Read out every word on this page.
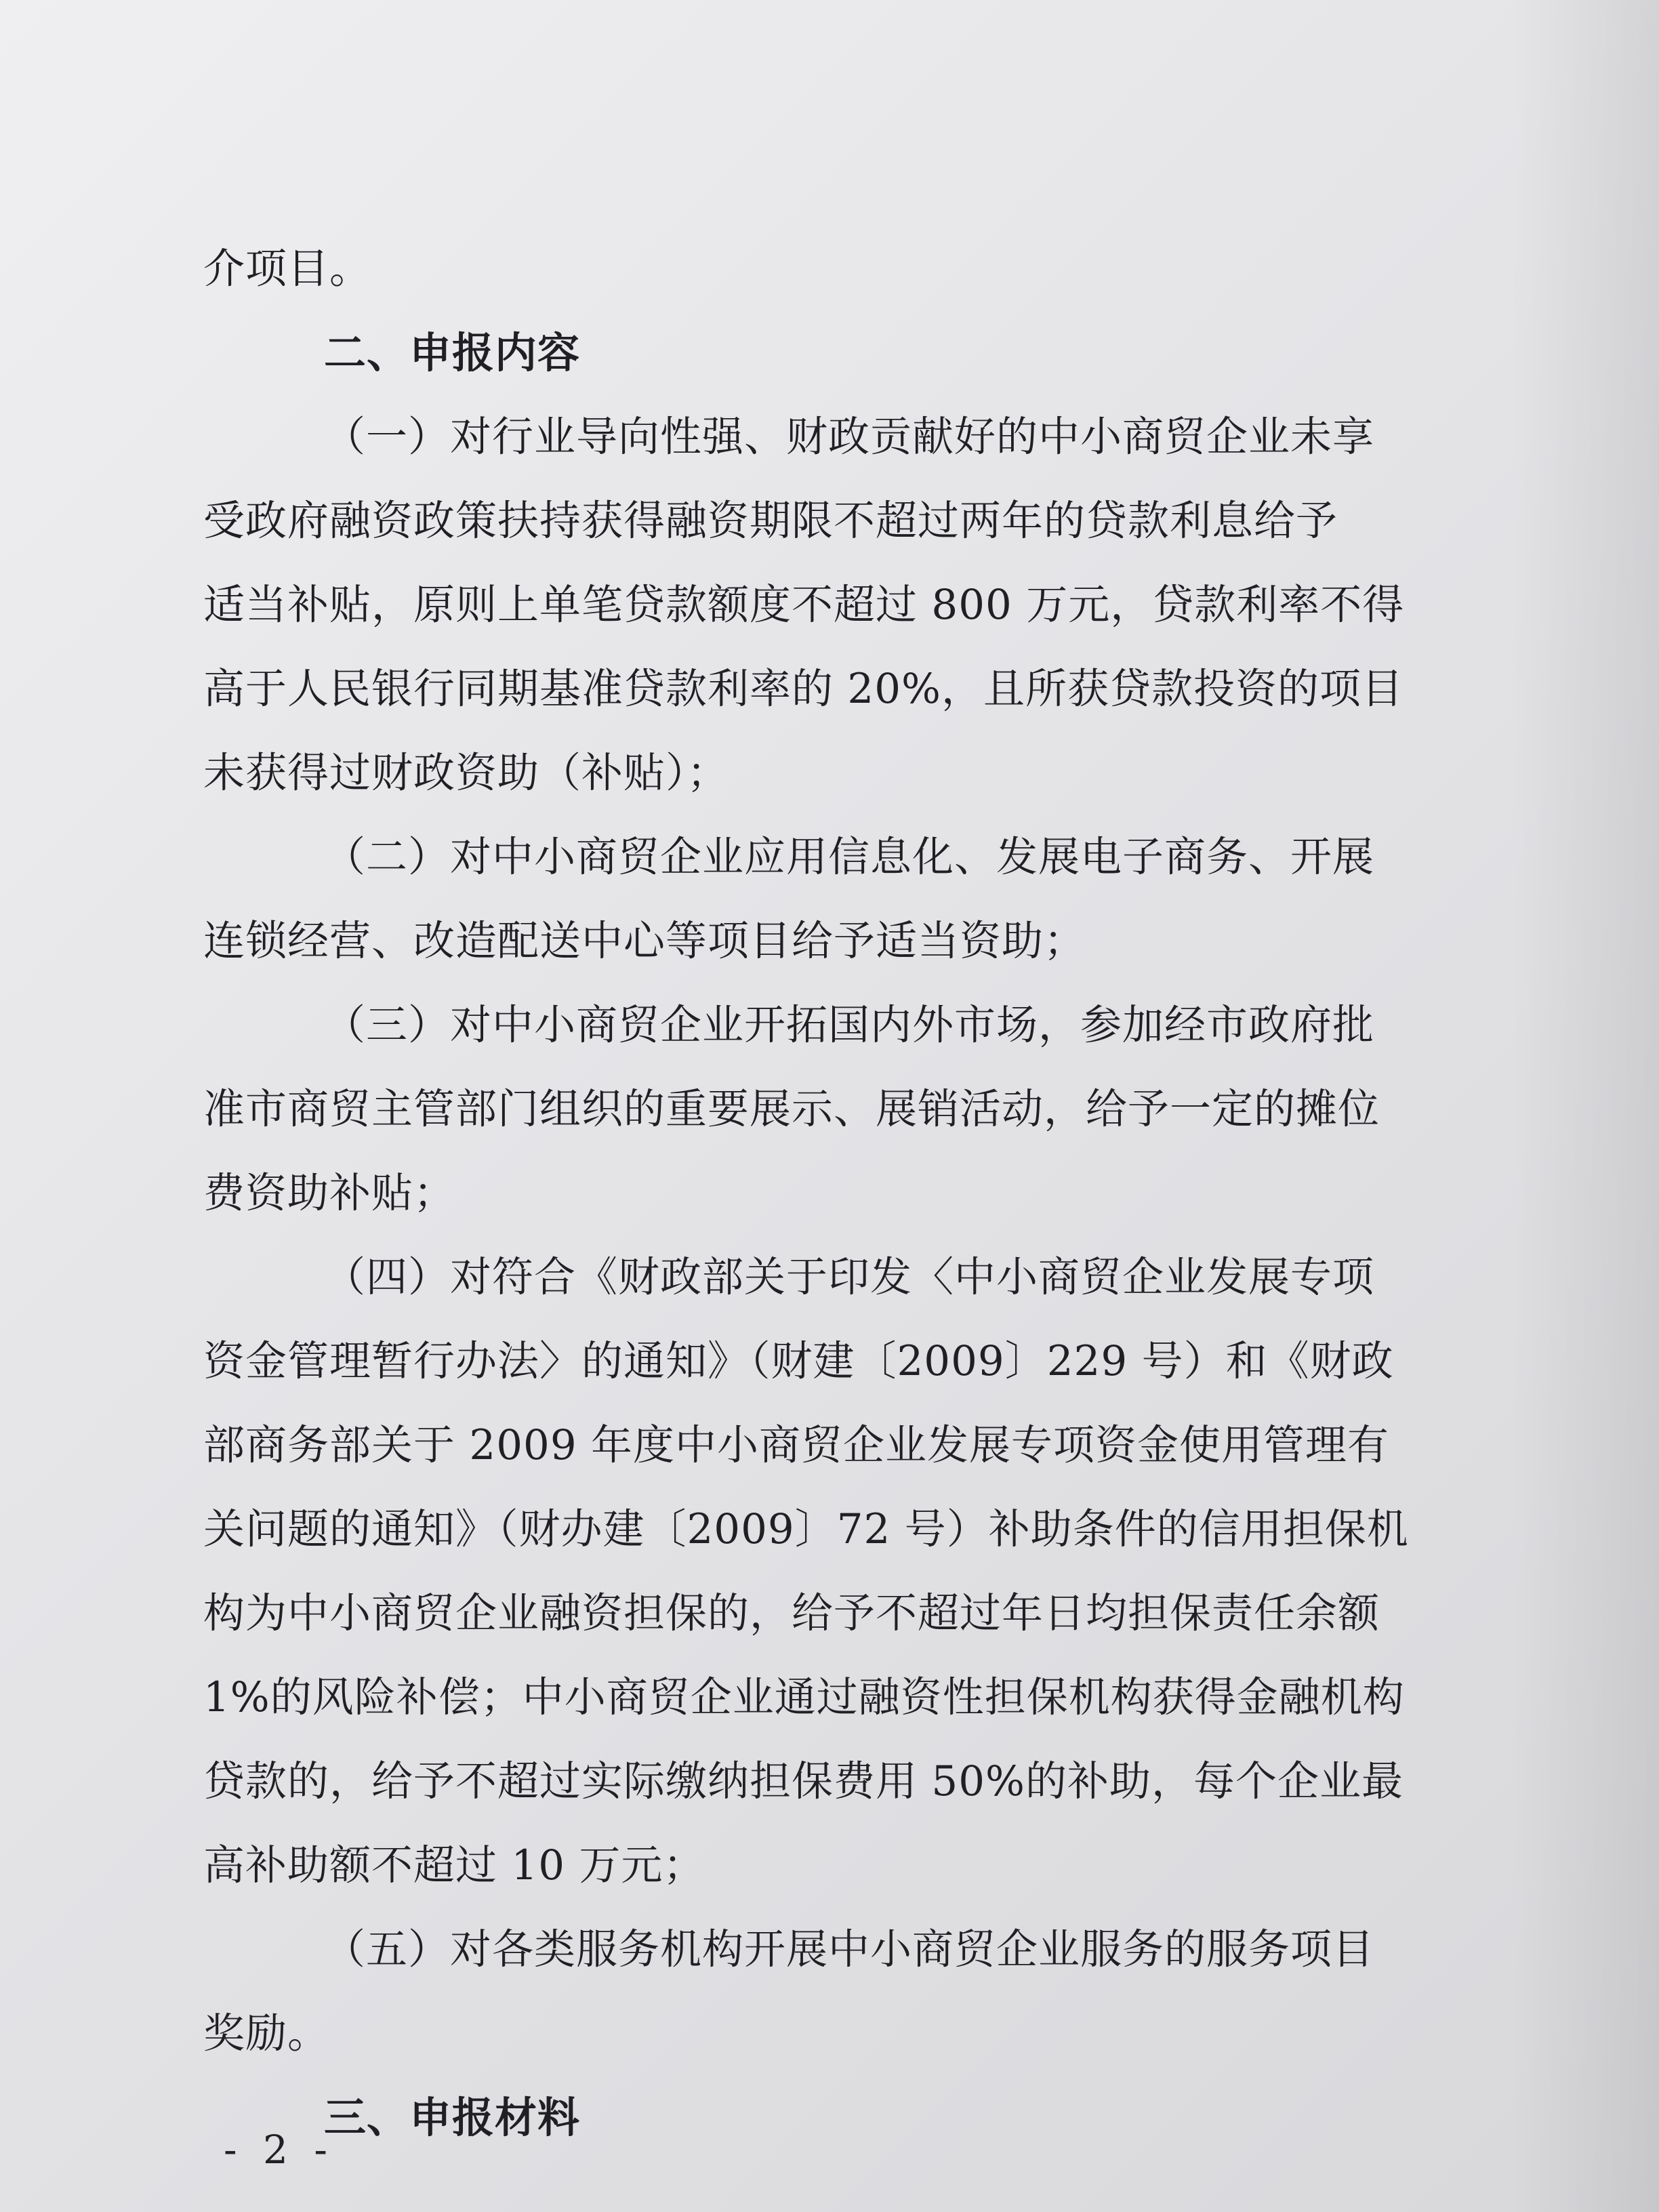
介项目。
二、申报内容
（一）对行业导向性强、财政贡献好的中小商贸企业未享
受政府融资政策扶持获得融资期限不超过两年的贷款利息给予
适当补贴，原则上单笔贷款额度不超过 800 万元，贷款利率不得
高于人民银行同期基准贷款利率的 20%，且所获贷款投资的项目
未获得过财政资助（补贴）；
（二）对中小商贸企业应用信息化、发展电子商务、开展
连锁经营、改造配送中心等项目给予适当资助；
（三）对中小商贸企业开拓国内外市场，参加经市政府批
准市商贸主管部门组织的重要展示、展销活动，给予一定的摊位
费资助补贴；
（四）对符合《财政部关于印发〈中小商贸企业发展专项
资金管理暂行办法〉的通知》（财建〔2009〕229 号）和《财政
部商务部关于 2009 年度中小商贸企业发展专项资金使用管理有
关问题的通知》（财办建〔2009〕72 号）补助条件的信用担保机
构为中小商贸企业融资担保的，给予不超过年日均担保责任余额
1%的风险补偿；中小商贸企业通过融资性担保机构获得金融机构
贷款的，给予不超过实际缴纳担保费用 50%的补助，每个企业最
高补助额不超过 10 万元；
（五）对各类服务机构开展中小商贸企业服务的服务项目
奖励。
三、申报材料
- 2 -
